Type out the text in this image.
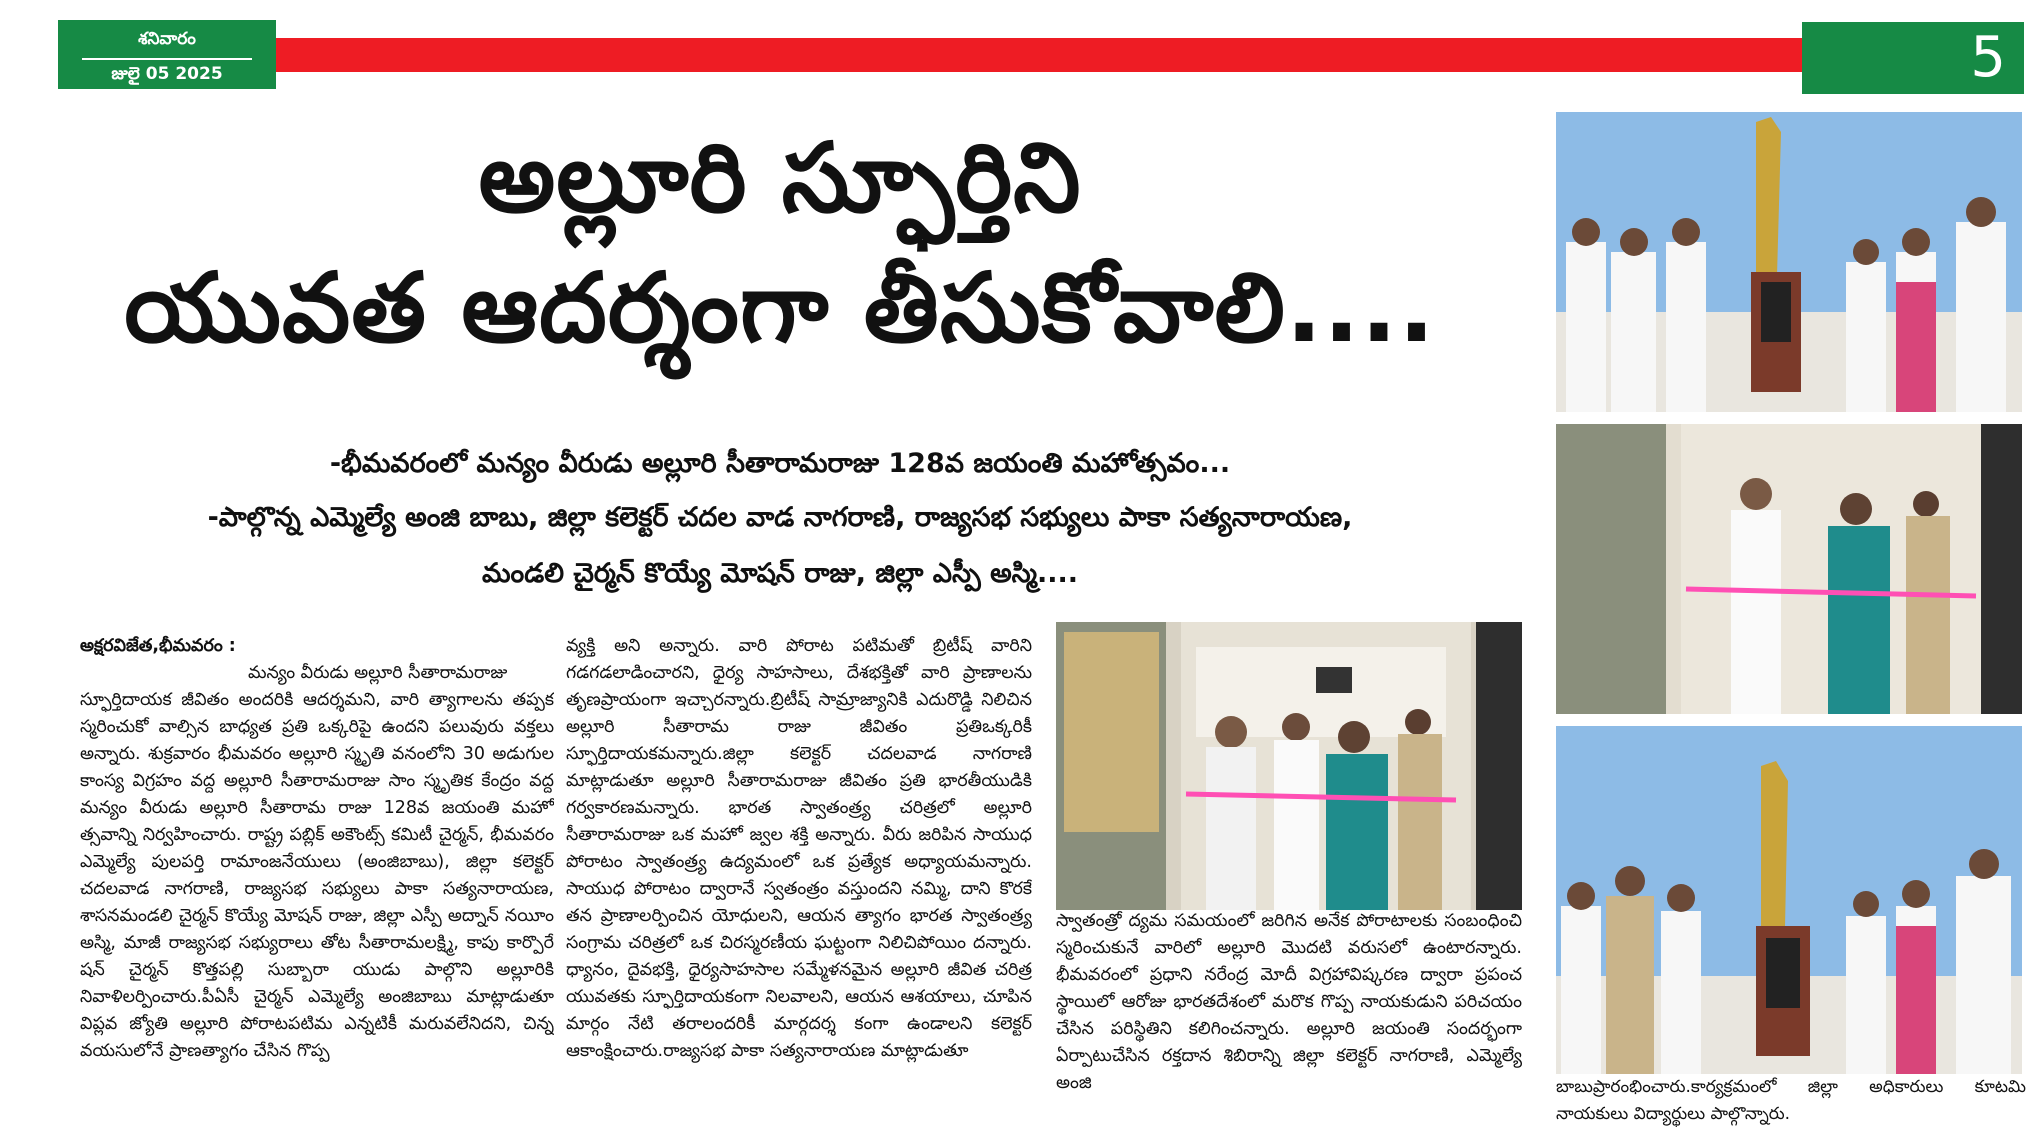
శనివారం
జులై 05 2025	5
అల్లూరి స్ఫూర్తిని
యువత ఆదర్శంగా తీసుకోవాలి....
-భీమవరంలో మన్యం వీరుడు అల్లూరి సీతారామరాజు 128వ జయంతి మహోత్సవం...
-పాల్గొన్న ఎమ్మెల్యే అంజి బాబు, జిల్లా కలెక్టర్ చదల వాడ నాగరాణి, రాజ్యసభ సభ్యులు పాకా సత్యనారాయణ,
మండలి చైర్మన్ కొయ్యే మోషన్ రాజు, జిల్లా ఎస్పీ అస్మి....

అక్షరవిజేత,భీమవరం :

మన్యం వీరుడు అల్లూరి సీతారామరాజు

స్ఫూర్తిదాయక జీవితం అందరికి ఆదర్శమని, వారి త్యాగాలను తప్పక స్మరించుకో వాల్సిన బాధ్యత ప్రతి ఒక్కరిపై ఉందని పలువురు వక్తలు అన్నారు. శుక్రవారం భీమవరం అల్లూరి స్మృతి వనంలోని 30 అడుగుల కాంస్య విగ్రహం వద్ద అల్లూరి సీతారామరాజు సాం స్మృతిక కేంద్రం వద్ద మన్యం వీరుడు అల్లూరి సీతారామ రాజు 128వ జయంతి మహో త్సవాన్ని నిర్వహించారు. రాష్ట్ర పబ్లిక్ అకౌంట్స్ కమిటీ చైర్మన్, భీమవరం ఎమ్మెల్యే పులపర్తి రామాంజనేయులు (అంజిబాబు), జిల్లా కలెక్టర్ చదలవాడ నాగరాణి, రాజ్యసభ సభ్యులు పాకా సత్యనారాయణ, శాసనమండలి చైర్మన్ కొయ్యే మోషన్ రాజు, జిల్లా ఎస్పీ అద్నాన్ నయీం అస్మి, మాజీ రాజ్యసభ సభ్యురాలు తోట సీతారామలక్ష్మి, కాపు కార్పొరే షన్ చైర్మన్ కొత్తపల్లి సుబ్బారా యుడు పాల్గొని అల్లూరికి నివాళిలర్పించారు.పీఏసీ చైర్మన్ ఎమ్మెల్యే అంజిబాబు మాట్లాడుతూ విప్లవ జ్యోతి అల్లూరి పోరాటపటిమ ఎన్నటికీ మరువలేనిదని, చిన్న వయసులోనే ప్రాణత్యాగం చేసిన గొప్ప

వ్యక్తి అని అన్నారు. వారి పోరాట పటిమతో బ్రిటీష్ వారిని గడగడలాడించారని, ధైర్య సాహసాలు, దేశభక్తితో వారి ప్రాణాలను తృణప్రాయంగా ఇచ్చారన్నారు.బ్రిటీష్ సామ్రాజ్యానికి ఎదురొడ్డి నిలిచిన అల్లూరి సీతారామ రాజు జీవితం ప్రతిఒక్కరికీ స్ఫూర్తిదాయకమన్నారు.జిల్లా కలెక్టర్ చదలవాడ నాగరాణి మాట్లాడుతూ అల్లూరి సీతారామరాజు జీవితం ప్రతి భారతీయుడికి గర్వకారణమన్నారు. భారత స్వాతంత్ర్య చరిత్రలో అల్లూరి సీతారామరాజు ఒక మహో జ్వల శక్తి అన్నారు. వీరు జరిపిన సాయుధ పోరాటం స్వాతంత్ర్య ఉద్యమంలో ఒక ప్రత్యేక అధ్యాయమన్నారు. సాయుధ పోరాటం ద్వారానే స్వతంత్రం వస్తుందని నమ్మి, దాని కొరకే తన ప్రాణాలర్పించిన యోధులని, ఆయన త్యాగం భారత స్వాతంత్ర్య సంగ్రామ చరిత్రలో ఒక చిరస్మరణీయ ఘట్టంగా నిలిచిపోయిం దన్నారు. ధ్యానం, దైవభక్తి, ధైర్యసాహసాల సమ్మేళనమైన అల్లూరి జీవిత చరిత్ర యువతకు స్ఫూర్తిదాయకంగా నిలవాలని, ఆయన ఆశయాలు, చూపిన మార్గం నేటి తరాలందరికీ మార్గదర్శ కంగా ఉండాలని కలెక్టర్ ఆకాంక్షించారు.రాజ్యసభ పాకా సత్యనారాయణ మాట్లాడుతూ

స్వాతంత్రో ద్యమ సమయంలో జరిగిన అనేక పోరాటాలకు సంబంధించి స్మరించుకునే వారిలో అల్లూరి మొదటి వరుసలో ఉంటారన్నారు. భీమవరంలో ప్రధాని నరేంద్ర మోదీ విగ్రహావిష్కరణ ద్వారా ప్రపంచ స్థాయిలో ఆరోజు భారతదేశంలో మరొక గొప్ప నాయకుడుని పరిచయం చేసిన పరిస్థితిని కలిగించన్నారు. అల్లూరి జయంతి సందర్భంగా ఏర్పాటుచేసిన రక్తదాన శిబిరాన్ని జిల్లా కలెక్టర్ నాగరాణి, ఎమ్మెల్యే అంజి	బాబుప్రారంభించారు.కార్యక్రమంలో జిల్లా అధికారులు కూటమి నాయకులు విద్యార్థులు పాల్గొన్నారు.
